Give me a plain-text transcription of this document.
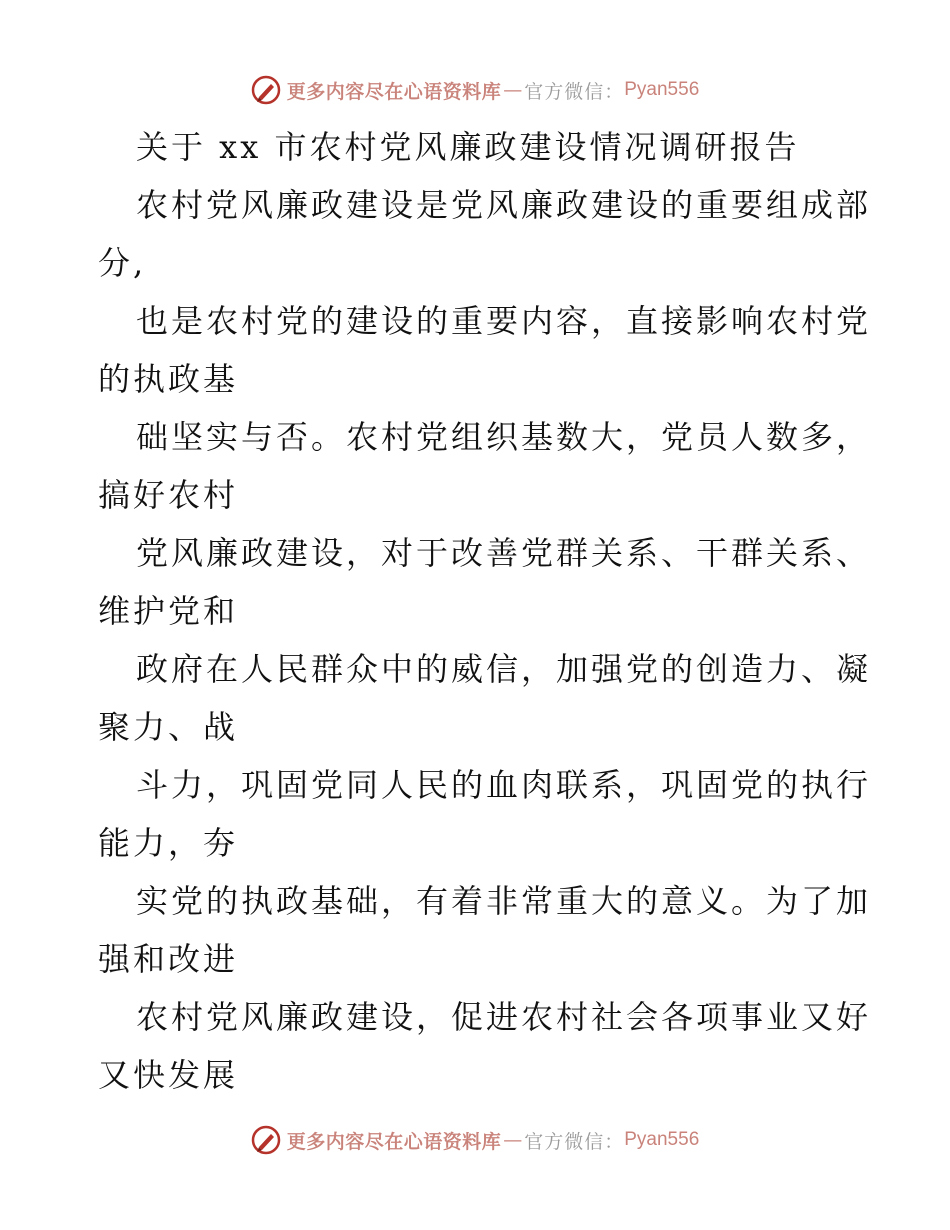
更多内容尽在心语资料库 — 官方微信： Pyan556
关于 xx 市农村党风廉政建设情况调研报告
农村党风廉政建设是党风廉政建设的重要组成部
分,
也是农村党的建设的重要内容，直接影响农村党
的执政基
础坚实与否。农村党组织基数大，党员人数多，
搞好农村
党风廉政建设，对于改善党群关系、干群关系、
维护党和
政府在人民群众中的威信，加强党的创造力、凝
聚力、战
斗力，巩固党同人民的血肉联系，巩固党的执行
能力，夯
实党的执政基础，有着非常重大的意义。为了加
强和改进
农村党风廉政建设，促进农村社会各项事业又好
又快发展
更多内容尽在心语资料库 — 官方微信： Pyan556
